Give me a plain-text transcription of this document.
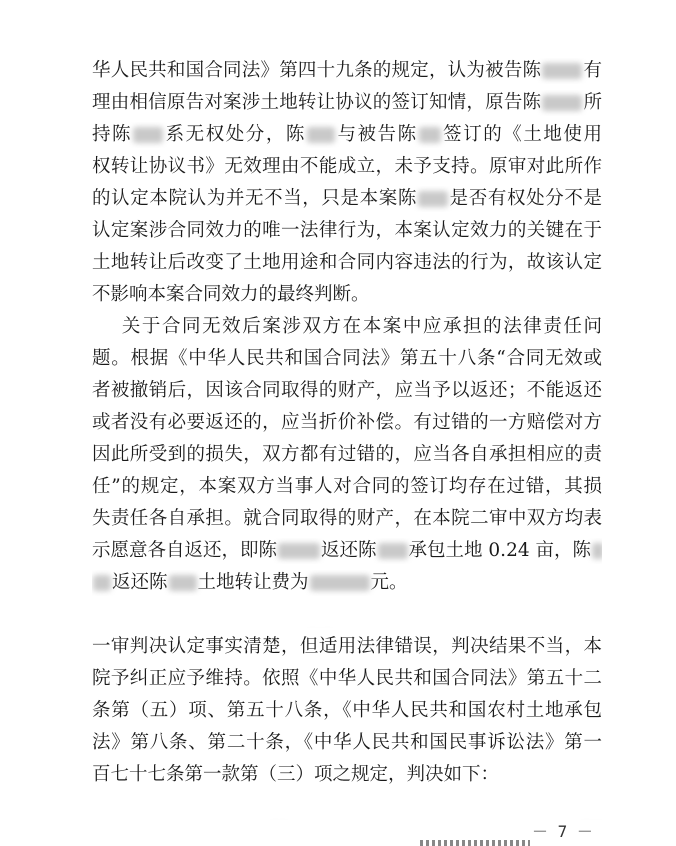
华人民共和国合同法》第四十九条的规定，认为被告陈 有
理由相信原告对案涉土地转让协议的签订知情，原告陈 所
持陈 系无权处分，陈 与被告陈 签订的《土地使用
权转让协议书》无效理由不能成立，未予支持。原审对此所作
的认定本院认为并无不当，只是本案陈 是否有权处分不是
认定案涉合同效力的唯一法律行为，本案认定效力的关键在于
土地转让后改变了土地用途和合同内容违法的行为，故该认定
不影响本案合同效力的最终判断。
关于合同无效后案涉双方在本案中应承担的法律责任问
题。根据《中华人民共和国合同法》第五十八条“合同无效或
者被撤销后，因该合同取得的财产，应当予以返还；不能返还
或者没有必要返还的，应当折价补偿。有过错的一方赔偿对方
因此所受到的损失，双方都有过错的，应当各自承担相应的责
任”的规定，本案双方当事人对合同的签订均存在过错，其损
失责任各自承担。就合同取得的财产，在本院二审中双方均表
示愿意各自返还，即陈 返还陈 承包土地 0.24 亩，陈
返还陈 土地转让费为	元。

一审判决认定事实清楚，但适用法律错误，判决结果不当，本
院予纠正应予维持。依照《中华人民共和国合同法》第五十二
条第（五）项、第五十八条，《中华人民共和国农村土地承包
法》第八条、第二十条，《中华人民共和国民事诉讼法》第一
百七十七条第一款第（三）项之规定，判决如下：

－ 7 －
